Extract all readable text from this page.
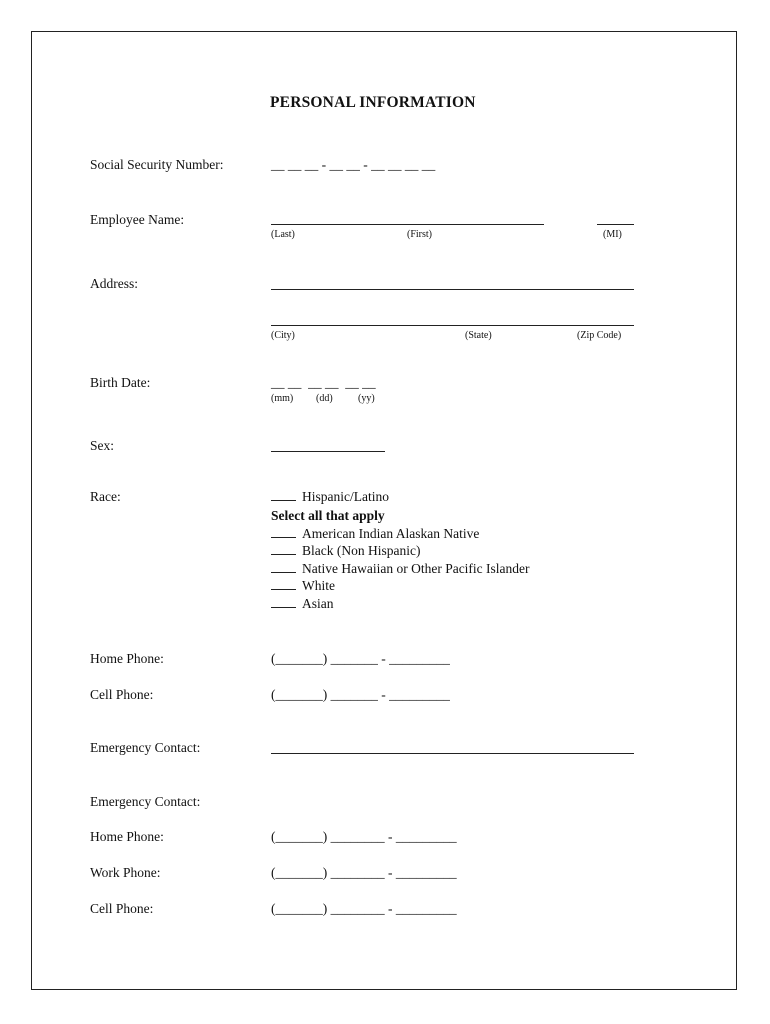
PERSONAL INFORMATION
Social Security Number:	__ __ __ - __ __ - __ __ __ __
Employee Name:
(Last)	(First)	(MI)
Address:
(City)	(State)	(Zip Code)
Birth Date:	__ __  __ __  __ __
(mm) (dd)	(yy)
Sex:
Race:	Hispanic/Latino
Select all that apply
American Indian Alaskan Native
Black (Non Hispanic)
Native Hawaiian or Other Pacific Islander
White
Asian
Home Phone:	(_______) _______ - _________
Cell Phone:	(_______) _______ - _________
Emergency Contact:
Emergency Contact:
Home Phone:	(_______) ________ - _________
Work Phone:	(_______) ________ - _________
Cell Phone:	(_______) ________ - _________
